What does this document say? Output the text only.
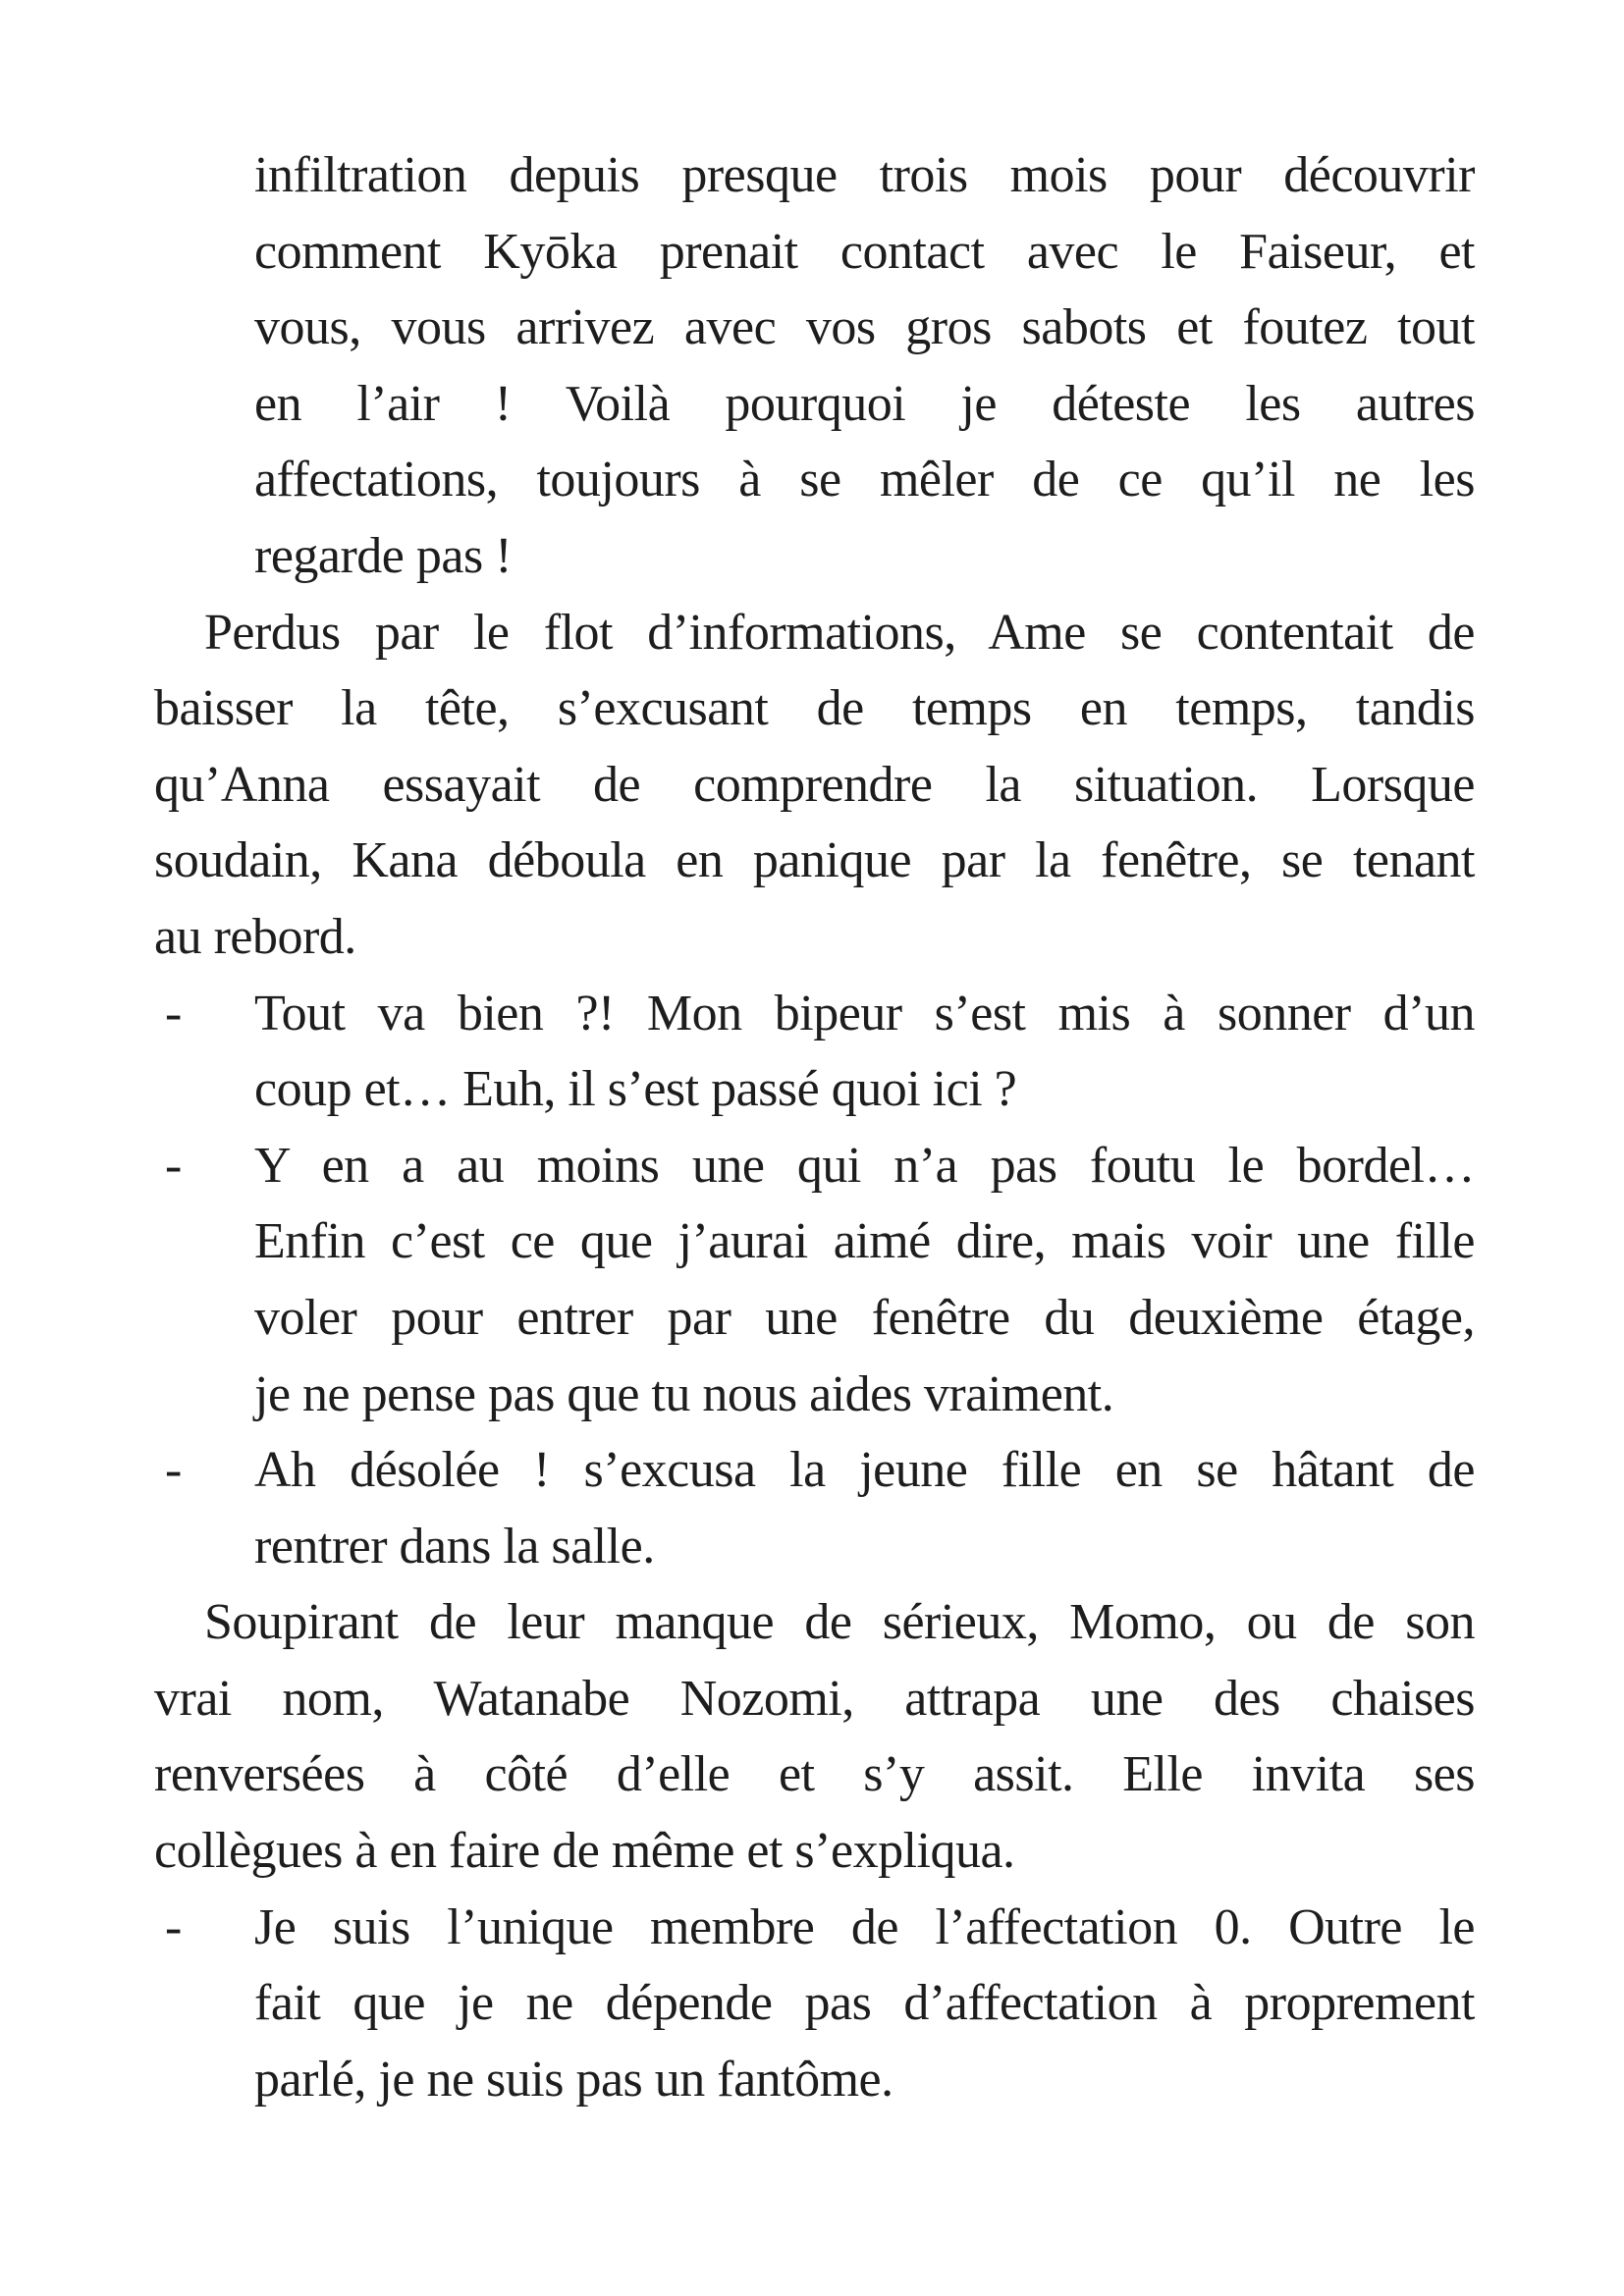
infiltration depuis presque trois mois pour découvrir
comment Kyōka prenait contact avec le Faiseur, et
vous, vous arrivez avec vos gros sabots et foutez tout
en l’air ! Voilà pourquoi je déteste les autres
affectations, toujours à se mêler de ce qu’il ne les
regarde pas !
Perdus par le flot d’informations, Ame se contentait de
baisser la tête, s’excusant de temps en temps, tandis
qu’Anna essayait de comprendre la situation. Lorsque
soudain, Kana déboula en panique par la fenêtre, se tenant
au rebord.
-	Tout va bien ?! Mon bipeur s’est mis à sonner d’un
coup et… Euh, il s’est passé quoi ici ?
-	Y en a au moins une qui n’a pas foutu le bordel…
Enfin c’est ce que j’aurai aimé dire, mais voir une fille
voler pour entrer par une fenêtre du deuxième étage,
je ne pense pas que tu nous aides vraiment.
-	Ah désolée ! s’excusa la jeune fille en se hâtant de
rentrer dans la salle.
Soupirant de leur manque de sérieux, Momo, ou de son
vrai nom, Watanabe Nozomi, attrapa une des chaises
renversées à côté d’elle et s’y assit. Elle invita ses
collègues à en faire de même et s’expliqua.
-	Je suis l’unique membre de l’affectation 0. Outre le
fait que je ne dépende pas d’affectation à proprement
parlé, je ne suis pas un fantôme.
